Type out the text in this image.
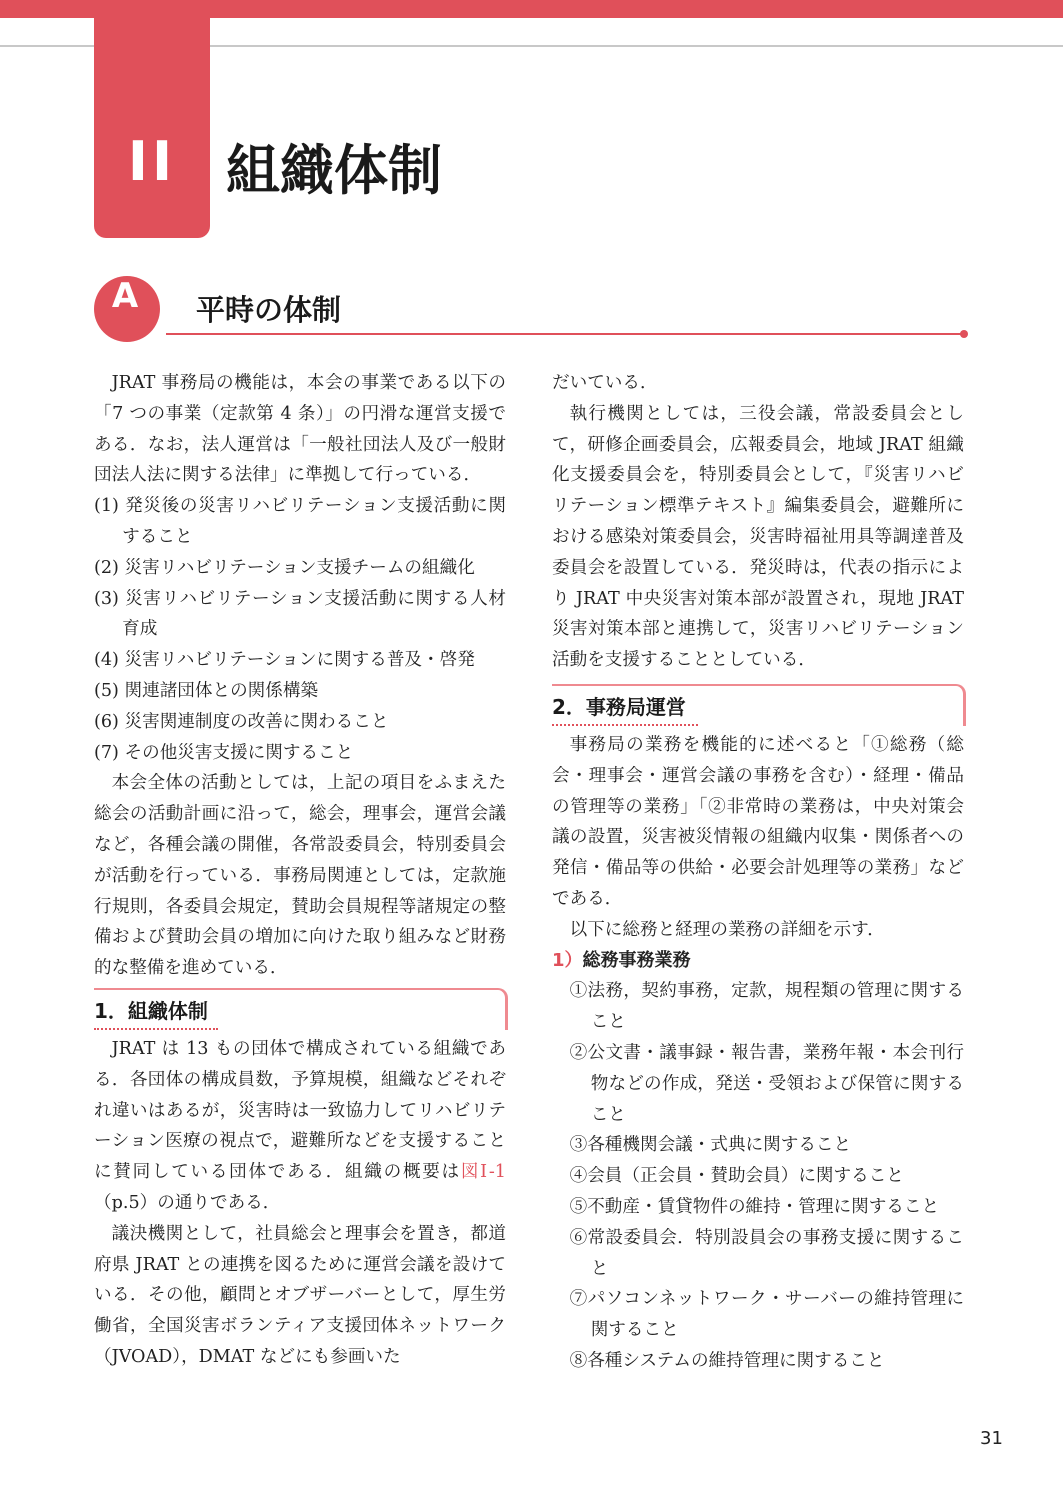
II 組織体制
A	平時の体制

JRAT 事務局の機能は，本会の事業である以下の「7 つの事業（定款第 4 条）」の円滑な運営支援である．なお，法人運営は「一般社団法人及び一般財団法人法に関する法律」に準拠して行っている．

(1) 発災後の災害リハビリテーション支援活動に関すること

(2) 災害リハビリテーション支援チームの組織化

(3) 災害リハビリテーション支援活動に関する人材育成

(4) 災害リハビリテーションに関する普及・啓発

(5) 関連諸団体との関係構築

(6) 災害関連制度の改善に関わること

(7) その他災害支援に関すること

本会全体の活動としては，上記の項目をふまえた総会の活動計画に沿って，総会，理事会，運営会議など，各種会議の開催，各常設委員会，特別委員会が活動を行っている．事務局関連としては，定款施行規則，各委員会規定，賛助会員規程等諸規定の整備および賛助会員の増加に向けた取り組みなど財務的な整備を進めている．

1．組織体制

JRAT は 13 もの団体で構成されている組織である．各団体の構成員数，予算規模，組織などそれぞれ違いはあるが，災害時は一致協力してリハビリテーション医療の視点で，避難所などを支援することに賛同している団体である．組織の概要は図Ⅰ-1（p.5）の通りである．

議決機関として，社員総会と理事会を置き，都道府県 JRAT との連携を図るために運営会議を設けている．その他，顧問とオブザーバーとして，厚生労働省，全国災害ボランティア支援団体ネットワーク（JVOAD），DMAT などにも参画いた

だいている．

執行機関としては，三役会議，常設委員会として，研修企画委員会，広報委員会，地域 JRAT 組織化支援委員会を，特別委員会として，『災害リハビリテーション標準テキスト』編集委員会，避難所における感染対策委員会，災害時福祉用具等調達普及委員会を設置している．発災時は，代表の指示により JRAT 中央災害対策本部が設置され，現地 JRAT 災害対策本部と連携して，災害リハビリテーション活動を支援することとしている．

2．事務局運営

事務局の業務を機能的に述べると「①総務（総会・理事会・運営会議の事務を含む）・経理・備品の管理等の業務」「②非常時の業務は，中央対策会議の設置，災害被災情報の組織内収集・関係者への発信・備品等の供給・必要会計処理等の業務」などである．

以下に総務と経理の業務の詳細を示す．

1）総務事務業務

①法務，契約事務，定款，規程類の管理に関すること

②公文書・議事録・報告書，業務年報・本会刊行物などの作成，発送・受領および保管に関すること

③各種機関会議・式典に関すること

④会員（正会員・賛助会員）に関すること

⑤不動産・賃貸物件の維持・管理に関すること

⑥常設委員会．特別設員会の事務支援に関すること

⑦パソコンネットワーク・サーバーの維持管理に関すること

⑧各種システムの維持管理に関すること

31
